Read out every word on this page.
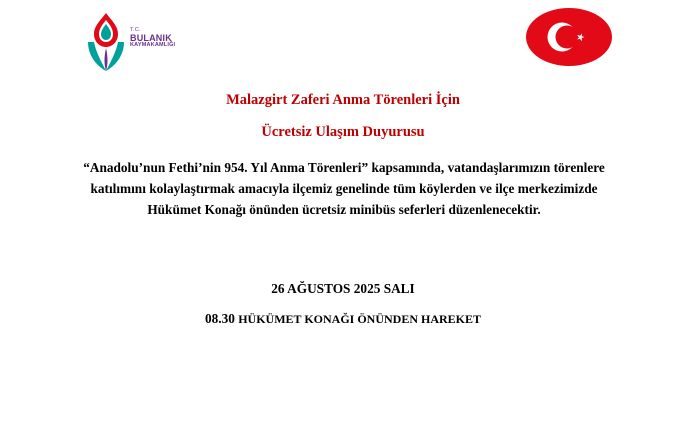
T.C.
BULANIK
KAYMAKAMLIĞI
Malazgirt Zaferi Anma Törenleri İçin
Ücretsiz Ulaşım Duyurusu
“Anadolu’nun Fethi’nin 954. Yıl Anma Törenleri” kapsamında, vatandaşlarımızın törenlere katılımını kolaylaştırmak amacıyla ilçemiz genelinde tüm köylerden ve ilçe merkezimizde Hükümet Konağı önünden ücretsiz minibüs seferleri düzenlenecektir.
26 AĞUSTOS 2025 SALI
08.30 HÜKÜMET KONAĞI ÖNÜNDEN HAREKET
